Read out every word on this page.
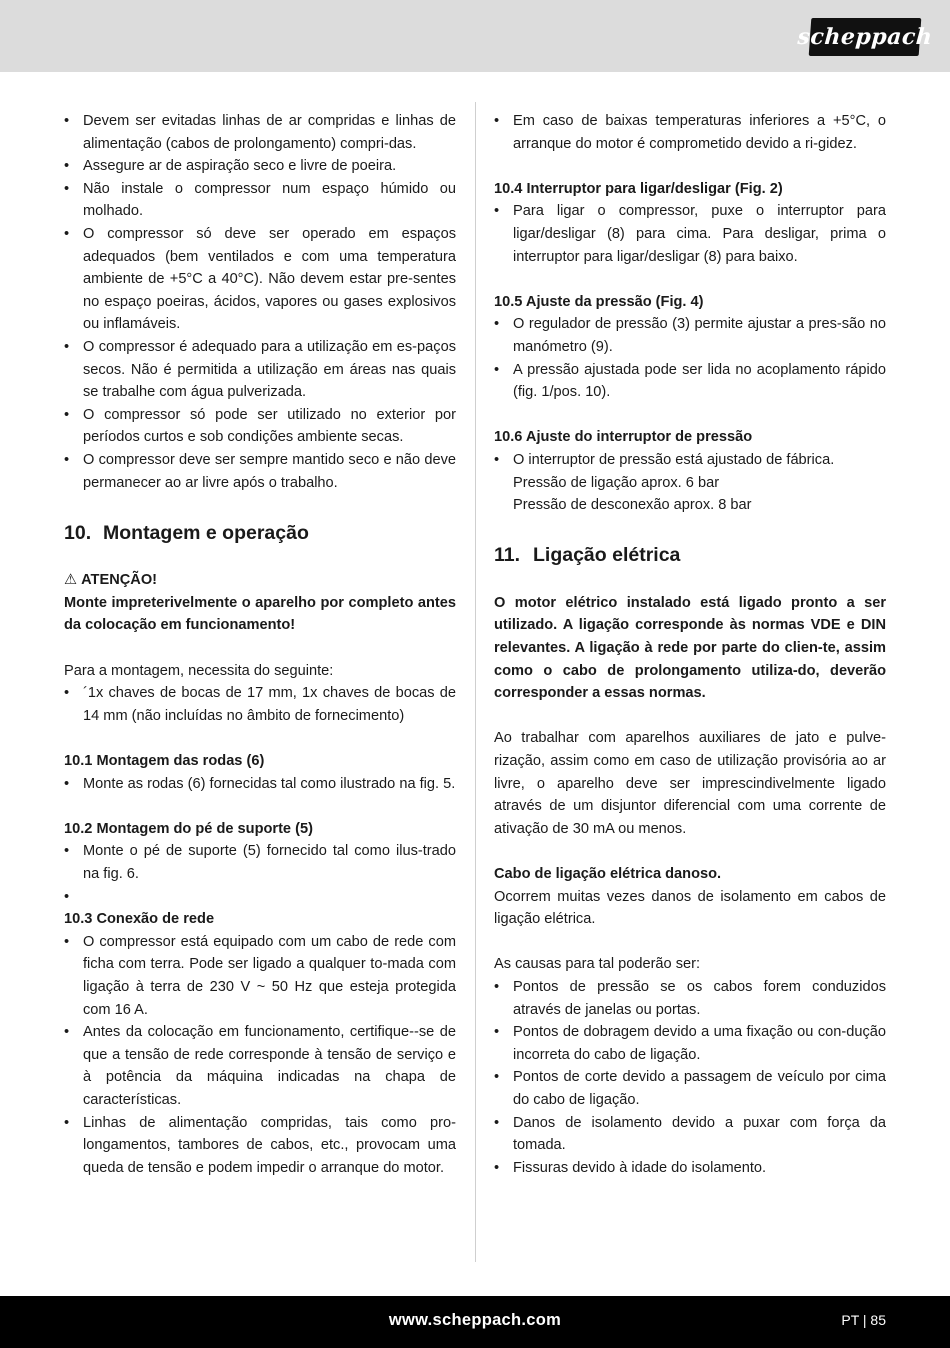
scheppach
• Devem ser evitadas linhas de ar compridas e linhas de alimentação (cabos de prolongamento) compri-das.
• Assegure ar de aspiração seco e livre de poeira.
• Não instale o compressor num espaço húmido ou molhado.
• O compressor só deve ser operado em espaços adequados (bem ventilados e com uma temperatura ambiente de +5°C a 40°C). Não devem estar pre-sentes no espaço poeiras, ácidos, vapores ou gases explosivos ou inflamáveis.
• O compressor é adequado para a utilização em es-paços secos. Não é permitida a utilização em áreas nas quais se trabalhe com água pulverizada.
• O compressor só pode ser utilizado no exterior por períodos curtos e sob condições ambiente secas.
• O compressor deve ser sempre mantido seco e não deve permanecer ao ar livre após o trabalho.
10. Montagem e operação
⚠ ATENÇÃO!
Monte impreterivelmente o aparelho por completo antes da colocação em funcionamento!
Para a montagem, necessita do seguinte:
• ´1x chaves de bocas de 17 mm, 1x chaves de bocas de 14 mm (não incluídas no âmbito de fornecimento)
10.1 Montagem das rodas (6)
• Monte as rodas (6) fornecidas tal como ilustrado na fig. 5.
10.2 Montagem do pé de suporte (5)
• Monte o pé de suporte (5) fornecido tal como ilus-trado na fig. 6.
•
10.3 Conexão de rede
• O compressor está equipado com um cabo de rede com ficha com terra. Pode ser ligado a qualquer to-mada com ligação à terra de 230 V ~ 50 Hz que esteja protegida com 16 A.
• Antes da colocação em funcionamento, certifique--se de que a tensão de rede corresponde à tensão de serviço e à potência da máquina indicadas na chapa de características.
• Linhas de alimentação compridas, tais como pro-longamentos, tambores de cabos, etc., provocam uma queda de tensão e podem impedir o arranque do motor.
• Em caso de baixas temperaturas inferiores a +5°C, o arranque do motor é comprometido devido a ri-gidez.
10.4 Interruptor para ligar/desligar (Fig. 2)
• Para ligar o compressor, puxe o interruptor para ligar/desligar (8) para cima. Para desligar, prima o interruptor para ligar/desligar (8) para baixo.
10.5 Ajuste da pressão (Fig. 4)
• O regulador de pressão (3) permite ajustar a pres-são no manómetro (9).
• A pressão ajustada pode ser lida no acoplamento rápido (fig. 1/pos. 10).
10.6 Ajuste do interruptor de pressão
• O interruptor de pressão está ajustado de fábrica.
Pressão de ligação aprox. 6 bar
Pressão de desconexão aprox. 8 bar
11. Ligação elétrica
O motor elétrico instalado está ligado pronto a ser utilizado. A ligação corresponde às normas VDE e DIN relevantes. A ligação à rede por parte do clien-te, assim como o cabo de prolongamento utiliza-do, deverão corresponder a essas normas.
Ao trabalhar com aparelhos auxiliares de jato e pulve-rização, assim como em caso de utilização provisória ao ar livre, o aparelho deve ser imprescindivelmente ligado através de um disjuntor diferencial com uma corrente de ativação de 30 mA ou menos.
Cabo de ligação elétrica danoso.
Ocorrem muitas vezes danos de isolamento em cabos de ligação elétrica.
As causas para tal poderão ser:
• Pontos de pressão se os cabos forem conduzidos através de janelas ou portas.
• Pontos de dobragem devido a uma fixação ou con-dução incorreta do cabo de ligação.
• Pontos de corte devido a passagem de veículo por cima do cabo de ligação.
• Danos de isolamento devido a puxar com força da tomada.
• Fissuras devido à idade do isolamento.
www.scheppach.com	PT | 85
